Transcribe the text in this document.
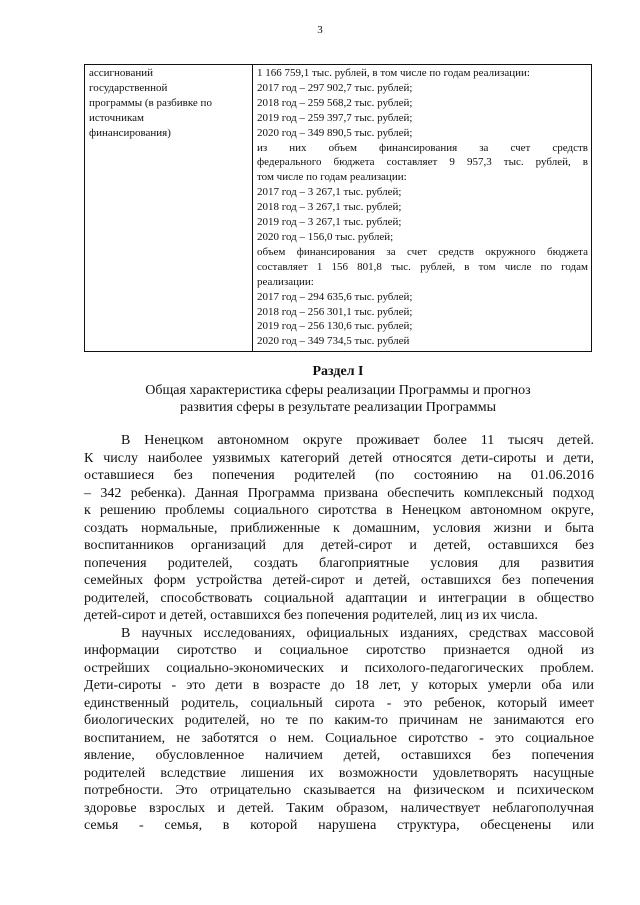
3
ассигнований
государственной
программы (в разбивке по
источникам
финансирования)

1 166 759,1 тыс. рублей, в том числе по годам реализации:
2017 год – 297 902,7 тыс. рублей;
2018 год – 259 568,2 тыс. рублей;
2019 год – 259 397,7 тыс. рублей;
2020 год – 349 890,5 тыс. рублей;
из них объем финансирования за счет средств
федерального бюджета составляет 9 957,3 тыс. рублей, в
том числе по годам реализации:
2017 год – 3 267,1 тыс. рублей;
2018 год – 3 267,1 тыс. рублей;
2019 год – 3 267,1 тыс. рублей;
2020 год – 156,0 тыс. рублей;
объем финансирования за счет средств окружного бюджета
составляет 1 156 801,8 тыс. рублей, в том числе по годам
реализации:
2017 год – 294 635,6 тыс. рублей;
2018 год – 256 301,1 тыс. рублей;
2019 год – 256 130,6 тыс. рублей;
2020 год – 349 734,5 тыс. рублей
Раздел I
Общая характеристика сферы реализации Программы и прогноз
развития сферы в результате реализации Программы
В Ненецком автономном округе проживает более 11 тысяч детей.
К числу наиболее уязвимых категорий детей относятся дети-сироты и дети,
оставшиеся без попечения родителей (по состоянию на 01.06.2016
– 342 ребенка). Данная Программа призвана обеспечить комплексный подход
к решению проблемы социального сиротства в Ненецком автономном округе,
создать нормальные, приближенные к домашним, условия жизни и быта
воспитанников организаций для детей-сирот и детей, оставшихся без
попечения родителей, создать благоприятные условия для развития
семейных форм устройства детей-сирот и детей, оставшихся без попечения
родителей, способствовать социальной адаптации и интеграции в общество
детей-сирот и детей, оставшихся без попечения родителей, лиц из их числа.
В научных исследованиях, официальных изданиях, средствах массовой
информации сиротство и социальное сиротство признается одной из
острейших социально-экономических и психолого-педагогических проблем.
Дети-сироты - это дети в возрасте до 18 лет, у которых умерли оба или
единственный родитель, социальный сирота - это ребенок, который имеет
биологических родителей, но те по каким-то причинам не занимаются его
воспитанием, не заботятся о нем. Социальное сиротство - это социальное
явление, обусловленное наличием детей, оставшихся без попечения
родителей вследствие лишения их возможности удовлетворять насущные
потребности. Это отрицательно сказывается на физическом и психическом
здоровье взрослых и детей. Таким образом, наличествует неблагополучная
семья - семья, в которой нарушена структура, обесценены или
